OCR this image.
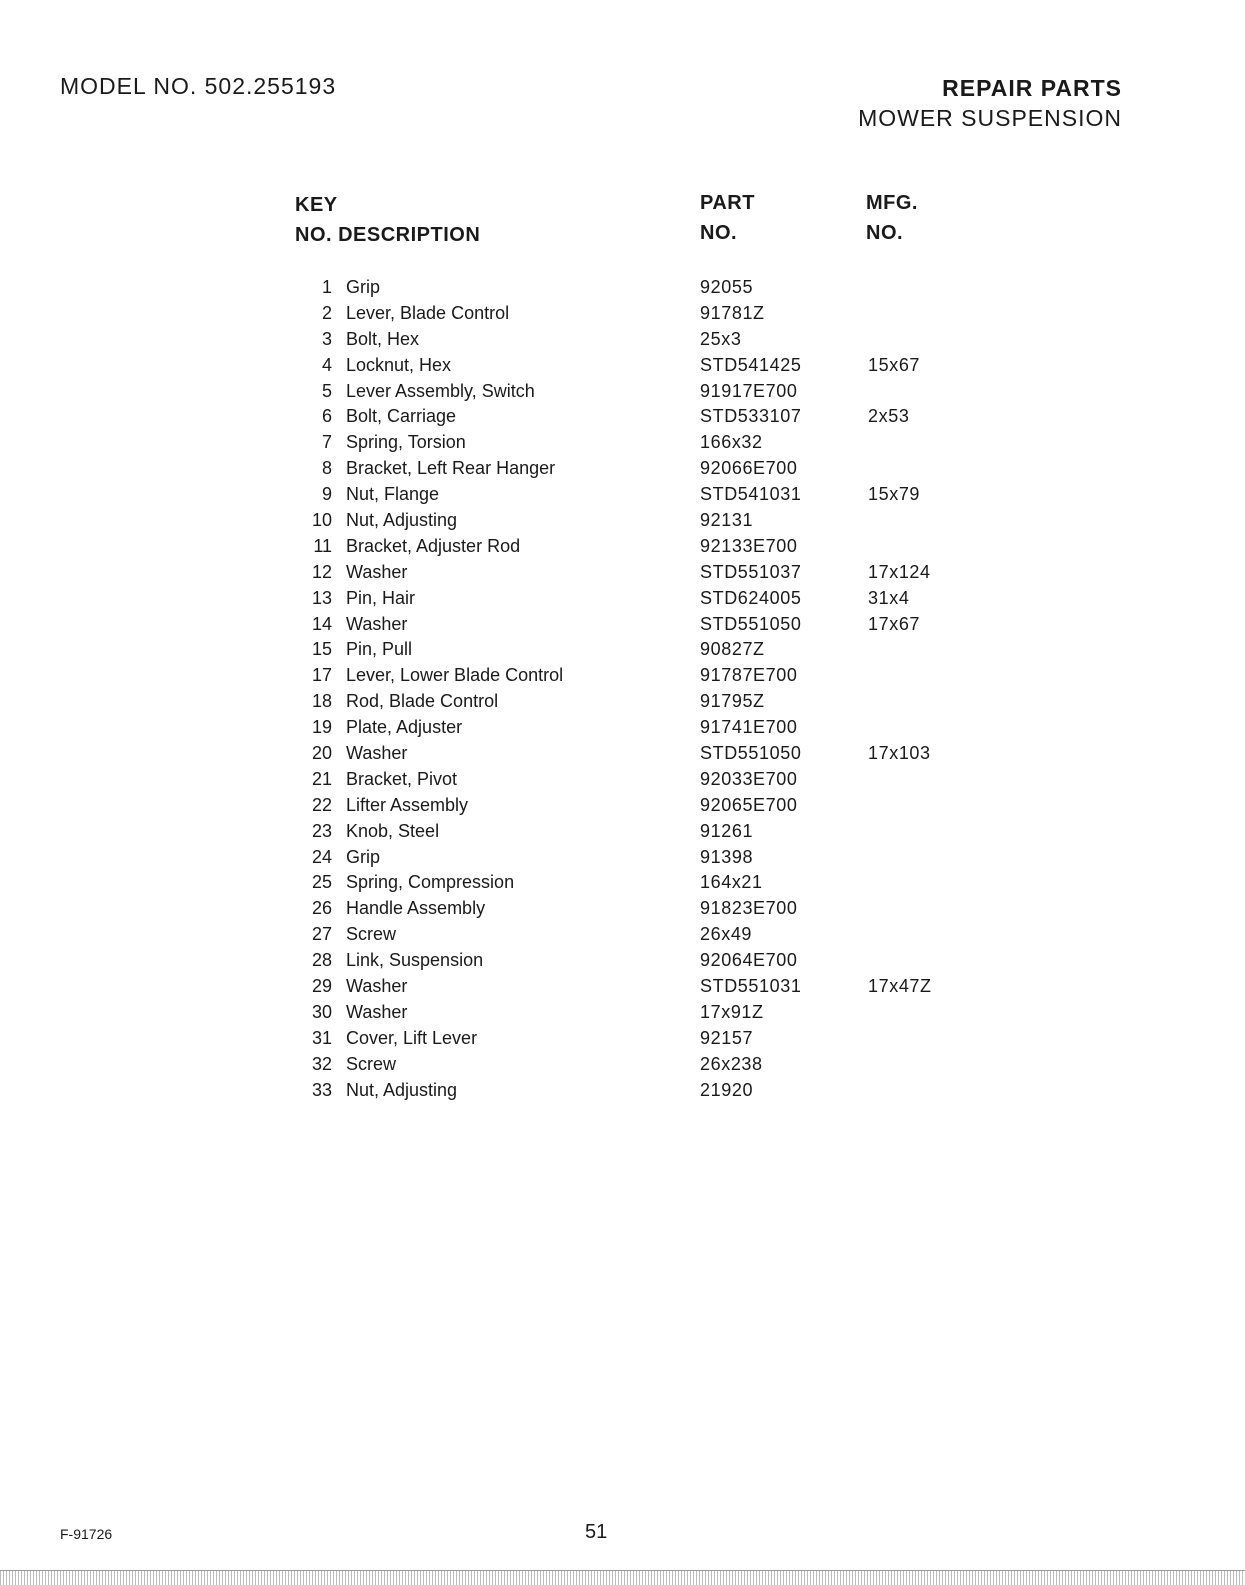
MODEL NO. 502.255193	REPAIR PARTS
MOWER SUSPENSION
KEY
NO. DESCRIPTION
PART
NO.
MFG.
NO.
1 Grip	92055
2 Lever, Blade Control	91781Z
3 Bolt, Hex	25x3
4 Locknut, Hex	STD541425	15x67
5 Lever Assembly, Switch	91917E700
6 Bolt, Carriage	STD533107	2x53
7 Spring, Torsion	166x32
8 Bracket, Left Rear Hanger	92066E700
9 Nut, Flange	STD541031	15x79
10 Nut, Adjusting	92131
11 Bracket, Adjuster Rod	92133E700
12 Washer	STD551037	17x124
13 Pin, Hair	STD624005	31x4
14 Washer	STD551050	17x67
15 Pin, Pull	90827Z
17 Lever, Lower Blade Control	91787E700
18 Rod, Blade Control	91795Z
19 Plate, Adjuster	91741E700
20 Washer	STD551050	17x103
21 Bracket, Pivot	92033E700
22 Lifter Assembly	92065E700
23 Knob, Steel	91261
24 Grip	91398
25 Spring, Compression	164x21
26 Handle Assembly	91823E700
27 Screw	26x49
28 Link, Suspension	92064E700
29 Washer	STD551031	17x47Z
30 Washer	17x91Z
31 Cover, Lift Lever	92157
32 Screw	26x238
33 Nut, Adjusting	21920
F-91726	51
